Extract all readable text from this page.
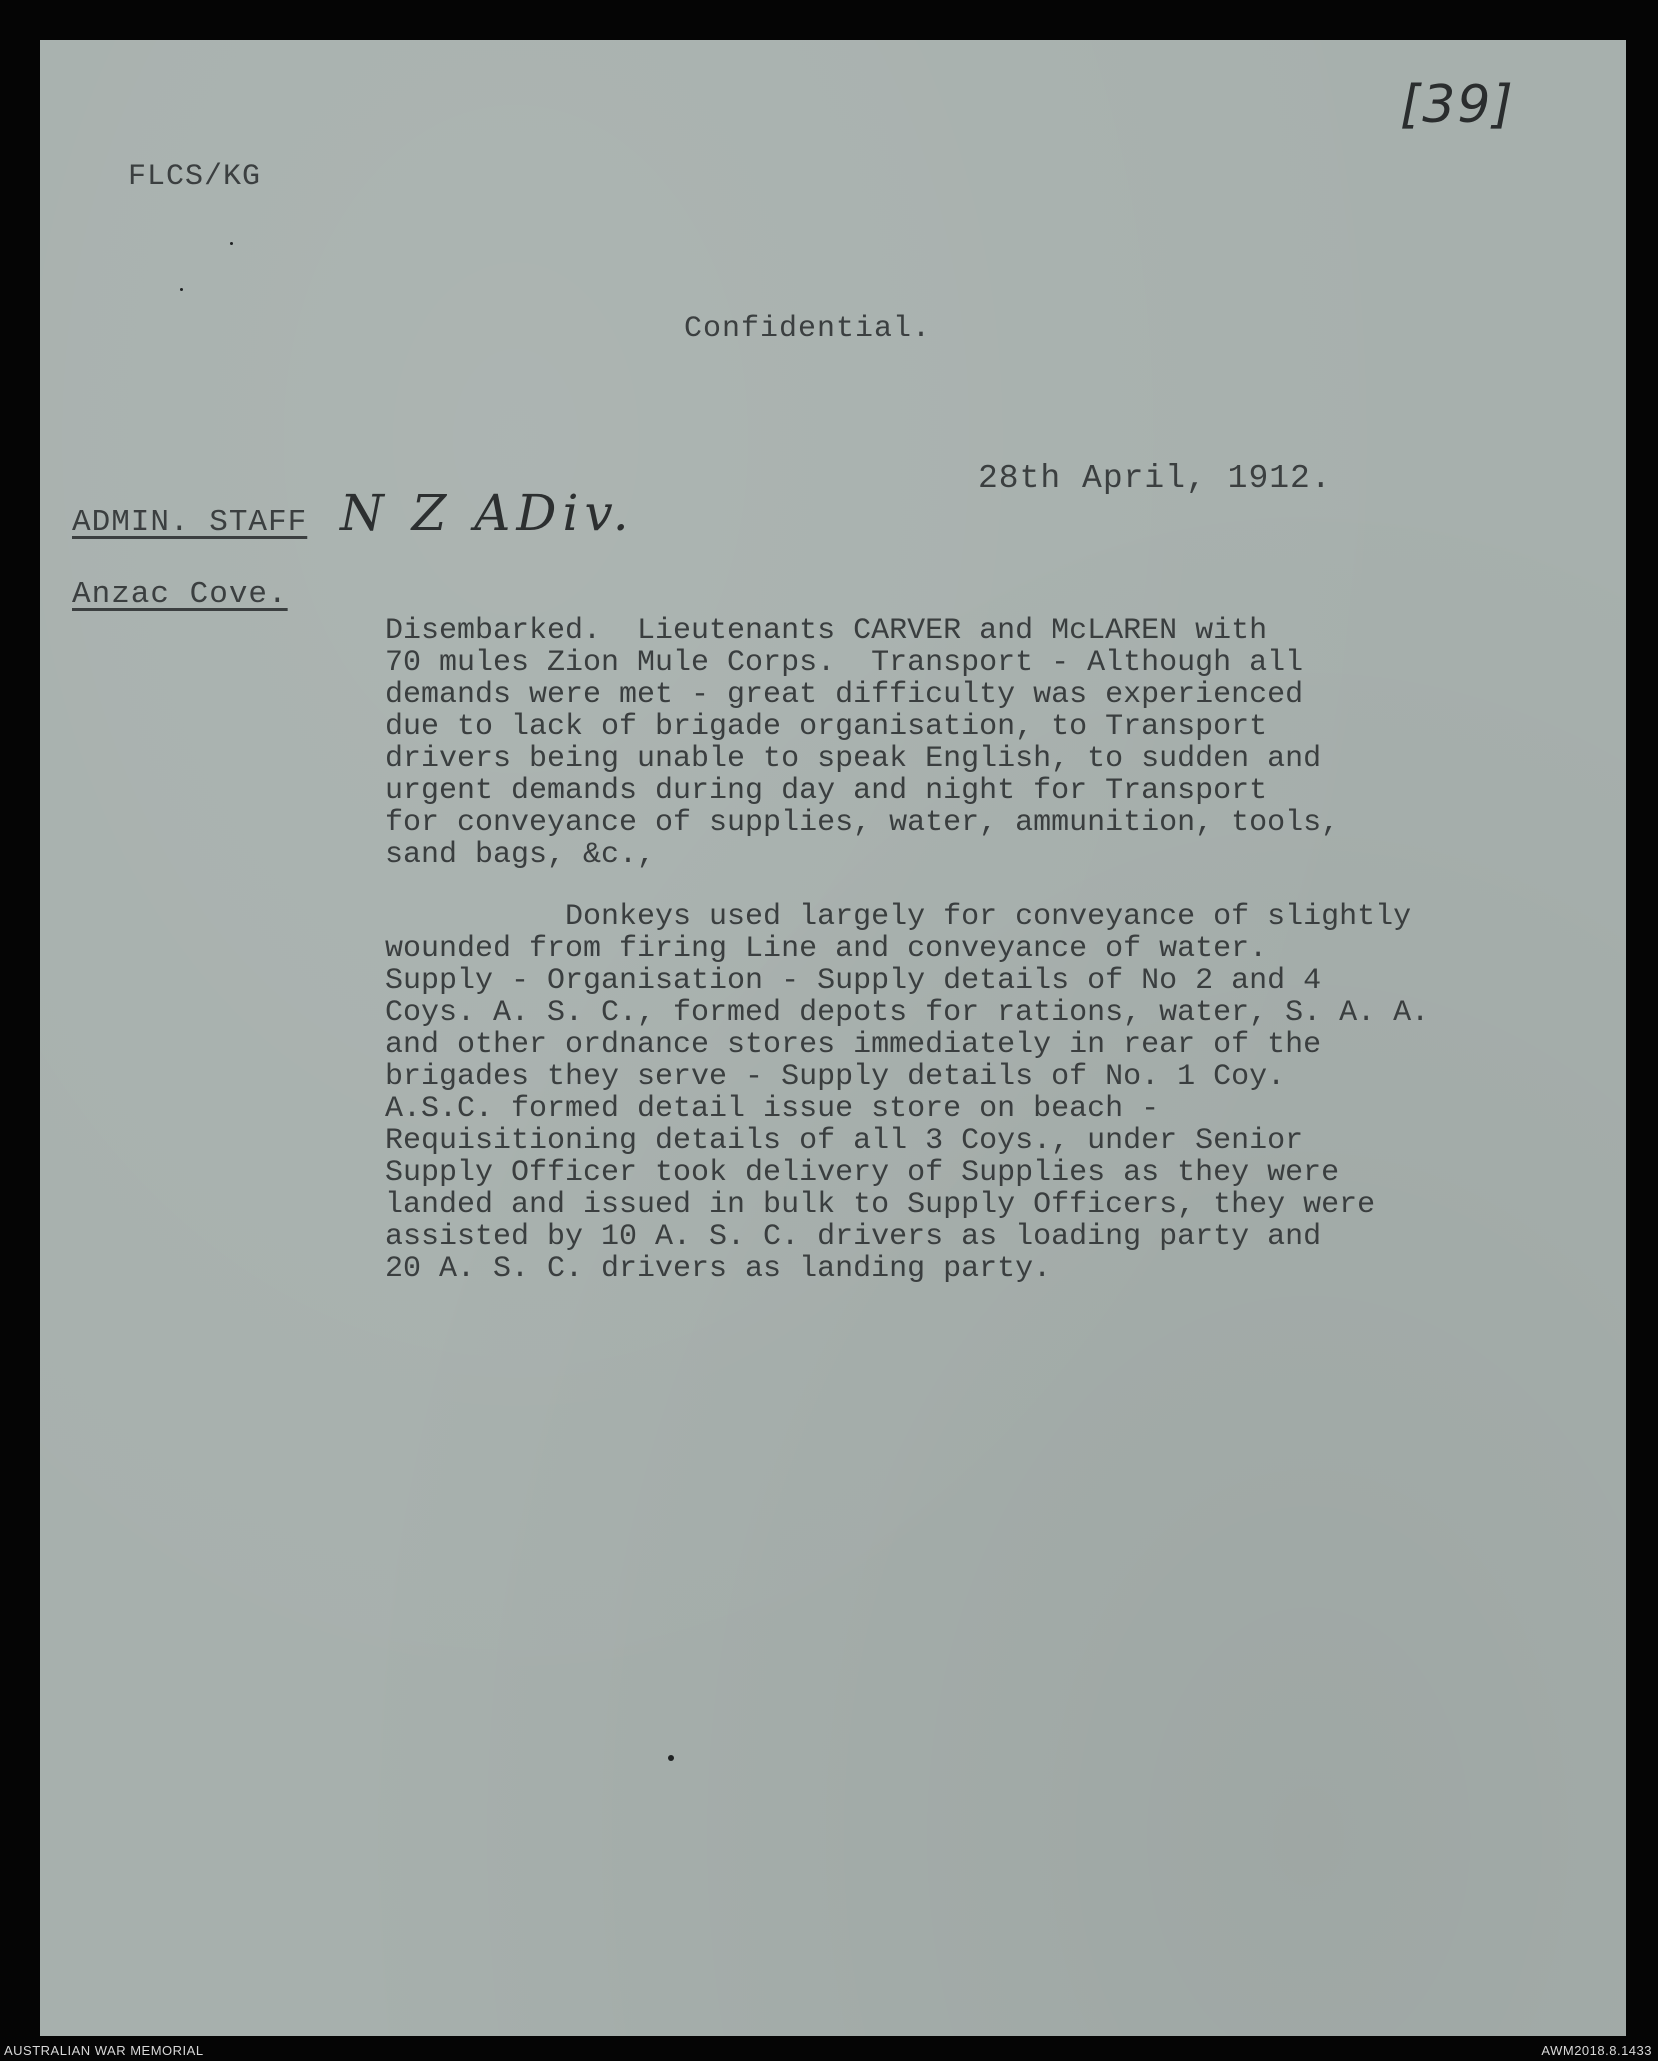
[39]
FLCS/KG
Confidential.
28th April, 1912.
ADMIN. STAFF N Z ADiv.
Anzac Cove.
Disembarked.  Lieutenants CARVER and McLAREN with
70 mules Zion Mule Corps.  Transport - Although all
demands were met - great difficulty was experienced
due to lack of brigade organisation, to Transport
drivers being unable to speak English, to sudden and
urgent demands during day and night for Transport
for conveyance of supplies, water, ammunition, tools,
sand bags, &c.,
Donkeys used largely for conveyance of slightly
wounded from firing Line and conveyance of water.
Supply - Organisation - Supply details of No 2 and 4
Coys. A. S. C., formed depots for rations, water, S. A. A.
and other ordnance stores immediately in rear of the
brigades they serve - Supply details of No. 1 Coy.
A.S.C. formed detail issue store on beach -
Requisitioning details of all 3 Coys., under Senior
Supply Officer took delivery of Supplies as they were
landed and issued in bulk to Supply Officers, they were
assisted by 10 A. S. C. drivers as loading party and
20 A. S. C. drivers as landing party.
AUSTRALIAN WAR MEMORIAL	AWM2018.8.1433
